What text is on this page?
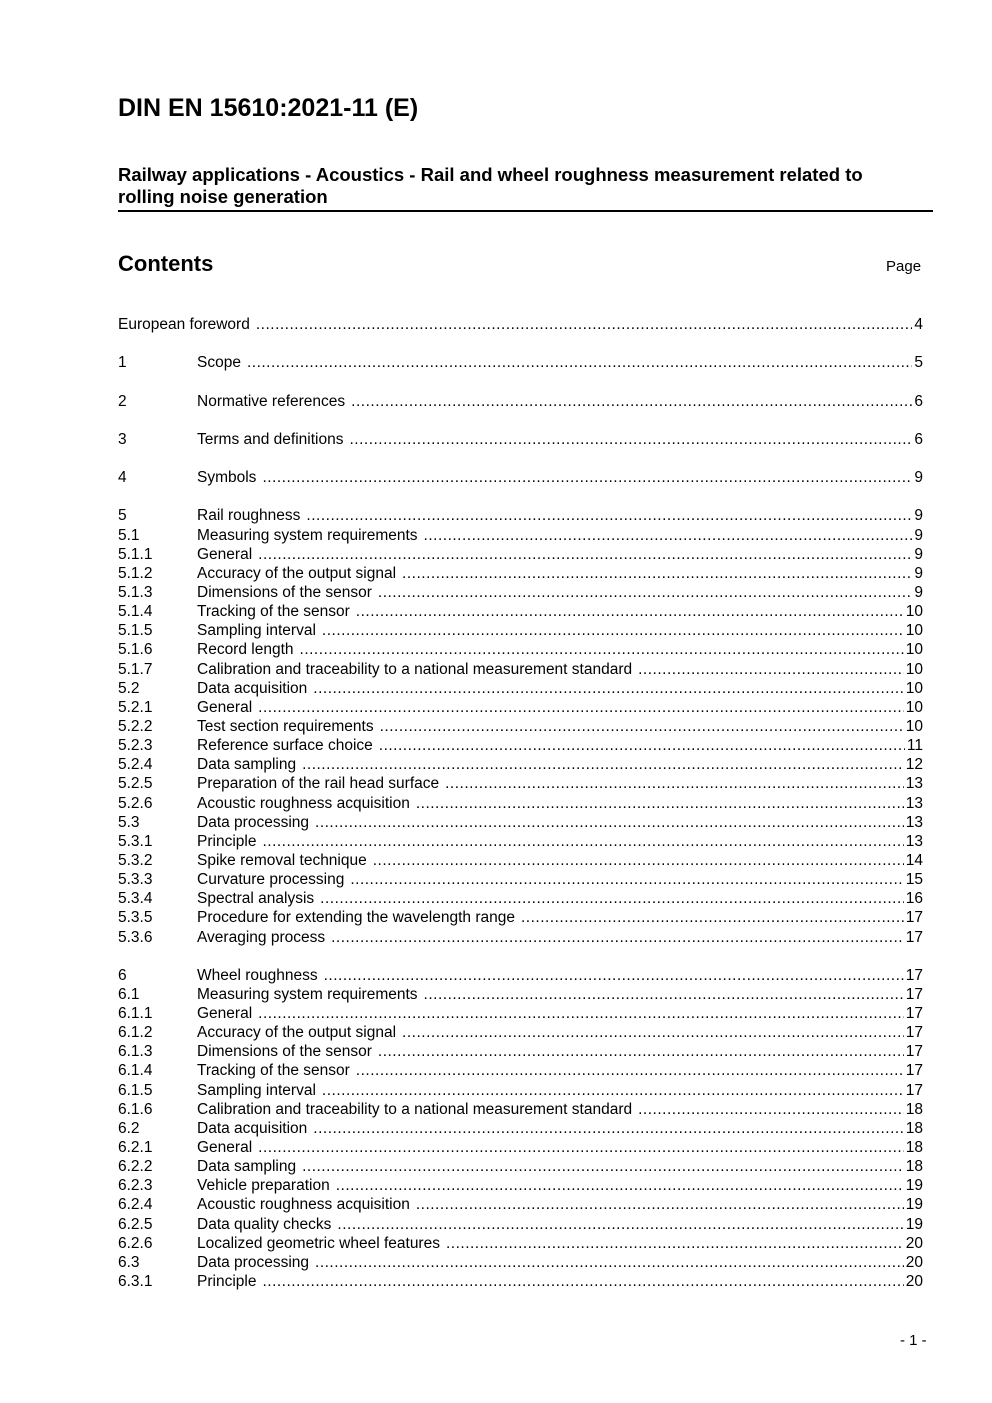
DIN EN 15610:2021-11 (E)
Railway applications - Acoustics - Rail and wheel roughness measurement related to
rolling noise generation
Contents	Page
European foreword .....	4
1	Scope .....	5
2	Normative references .....	6
3	Terms and definitions .....	6
4	Symbols .....	9
5	Rail roughness .....	9
5.1	Measuring system requirements .....	9
5.1.1	General .....	9
5.1.2	Accuracy of the output signal .....	9
5.1.3	Dimensions of the sensor .....	9
5.1.4	Tracking of the sensor .....	10
5.1.5	Sampling interval .....	10
5.1.6	Record length .....	10
5.1.7	Calibration and traceability to a national measurement standard .....	10
5.2	Data acquisition .....	10
5.2.1	General .....	10
5.2.2	Test section requirements .....	10
5.2.3	Reference surface choice .....	11
5.2.4	Data sampling .....	12
5.2.5	Preparation of the rail head surface .....	13
5.2.6	Acoustic roughness acquisition .....	13
5.3	Data processing .....	13
5.3.1	Principle .....	13
5.3.2	Spike removal technique .....	14
5.3.3	Curvature processing .....	15
5.3.4	Spectral analysis .....	16
5.3.5	Procedure for extending the wavelength range .....	17
5.3.6	Averaging process .....	17
6	Wheel roughness .....	17
6.1	Measuring system requirements .....	17
6.1.1	General .....	17
6.1.2	Accuracy of the output signal .....	17
6.1.3	Dimensions of the sensor .....	17
6.1.4	Tracking of the sensor .....	17
6.1.5	Sampling interval .....	17
6.1.6	Calibration and traceability to a national measurement standard .....	18
6.2	Data acquisition .....	18
6.2.1	General .....	18
6.2.2	Data sampling .....	18
6.2.3	Vehicle preparation .....	19
6.2.4	Acoustic roughness acquisition .....	19
6.2.5	Data quality checks .....	19
6.2.6	Localized geometric wheel features .....	20
6.3	Data processing .....	20
6.3.1	Principle .....	20
- 1 -
